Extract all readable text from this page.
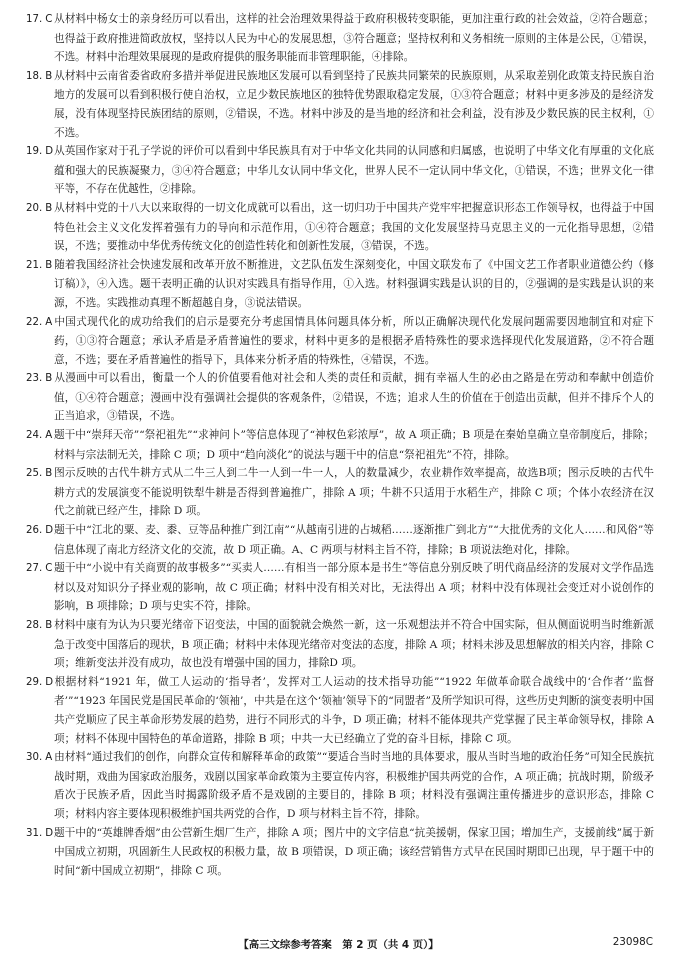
17. C 从材料中杨女士的亲身经历可以看出，这样的社会治理效果得益于政府积极转变职能，更加注重行政的社会效益，②符合题意；也得益于政府推进简政放权，坚持以人民为中心的发展思想，③符合题意；坚持权利和义务相统一原则的主体是公民，①错误，不选。材料中治理效果展现的是政府提供的服务职能而非管理职能，④排除。

18. B 从材料中云南省委省政府多措并举促进民族地区发展可以看到坚持了民族共同繁荣的民族原则，从采取差别化政策支持民族自治地方的发展可以看到积极行使自治权，立足少数民族地区的独特优势跟取稳定发展，①③符合题意；材料中更多涉及的是经济发展，没有体现坚持民族团结的原则，②错误，不选。材料中涉及的是当地的经济和社会利益，没有涉及少数民族的民主权利，①不选。

19. D从英国作家对于孔子学说的评价可以看到中华民族具有对于中华文化共同的认同感和归属感，也说明了中华文化有厚重的文化底蕴和强大的民族凝聚力，③④符合题意；中华儿女认同中华文化，世界人民不一定认同中华文化，①错误，不选；世界文化一律平等，不存在优越性，②排除。

20. B 从材料中党的十八大以来取得的一切文化成就可以看出，这一切归功于中国共产党牢牢把握意识形态工作领导权，也得益于中国特色社会主义文化发挥着强有力的导向和示范作用，①④符合题意；我国的文化发展坚持马克思主义的一元化指导思想，②错误，不选；要推动中华优秀传统文化的创造性转化和创新性发展，③错误，不选。

21. B 随着我国经济社会快速发展和改革开放不断推进，文艺队伍发生深刻变化，中国文联发布了《中国文艺工作者职业道德公约（修订稿）》，④入选。题干表明正确的认识对实践具有指导作用，①入选。材料强调实践是认识的目的，②强调的是实践是认识的来源，不选。实践推动真理不断超越自身，③说法错误。

22. A 中国式现代化的成功给我们的启示是要充分考虑国情具体问题具体分析，所以正确解决现代化发展问题需要因地制宜和对症下药，①③符合题意；承认矛盾是矛盾普遍性的要求，材料中更多的是根据矛盾特殊性的要求选择现代化发展道路，②不符合题意，不选；要在矛盾普遍性的指导下，具体来分析矛盾的特殊性，④错误，不选。

23. B 从漫画中可以看出，衡量一个人的价值要看他对社会和人类的责任和贡献，拥有幸福人生的必由之路是在劳动和奉献中创造价值，①④符合题意；漫画中没有强调社会提供的客观条件，②错误，不选；追求人生的价值在于创造出贡献，但并不排斥个人的正当追求，③错误，不选。

24. A 题干中“崇拜天帝”“祭祀祖先”“求神问卜”等信息体现了“神权色彩浓厚”，故 A 项正确；B 项是在秦始皇确立皇帝制度后，排除；材料与宗法制无关，排除 C 项；D 项中“趋向淡化”的说法与题干中的信息“祭祀祖先”不符，排除。

25. B 图示反映的古代牛耕方式从二牛三人到二牛一人到一牛一人，人的数量减少，农业耕作效率提高，故选B项；图示反映的古代牛耕方式的发展演变不能说明铁犁牛耕是否得到普遍推广，排除 A 项；牛耕不只适用于水稻生产，排除 C 项；个体小农经济在汉代之前就已经产生，排除 D 项。

26. D题干中“江北的粟、麦、黍、豆等品种推广到江南”“从越南引进的占城稻……逐渐推广到北方”“大批优秀的文化人……和风俗”等信息体现了南北方经济文化的交流，故 D 项正确。A、C 两项与材料主旨不符，排除；B 项说法绝对化，排除。

27. C 题干中“小说中有关商贾的故事极多”“买卖人……有相当一部分原本是书生”等信息分别反映了明代商品经济的发展对文学作品选材以及对知识分子择业观的影响，故 C 项正确；材料中没有相关对比，无法得出 A 项；材料中没有体现社会变迁对小说创作的影响，B 项排除；D 项与史实不符，排除。

28. B 材料中康有为认为只要光绪帝下诏变法，中国的面貌就会焕然一新，这一乐观想法并不符合中国实际，但从侧面说明当时维新派急于改变中国落后的现状，B 项正确；材料中未体现光绪帝对变法的态度，排除 A 项；材料未涉及思想解放的相关内容，排除 C 项；维新变法并没有成功，故也没有增强中国的国力，排除D 项。

29. D根据材料“1921 年，做工人运动的‘指导者’，发挥对工人运动的技术指导功能”“1922 年做革命联合战线中的‘合作者’‘监督者’”“1923 年国民党是国民革命的‘领袖’，中共是在这个‘领袖’领导下的“同盟者”及所学知识可得，这些历史判断的演变表明中国共产党顺应了民主革命形势发展的趋势，进行不同形式的斗争，D 项正确；材料不能体现共产党掌握了民主革命领导权，排除 A 项；材料不体现中国特色的革命道路，排除 B 项；中共一大已经确立了党的奋斗目标，排除 C 项。

30. A 由材料“通过我们的创作，向群众宣传和解释革命的政策”“要适合当时当地的具体要求，服从当时当地的政治任务”可知全民族抗战时期，戏曲为国家政治服务，戏剧以国家革命政策为主要宣传内容，积极维护国共两党的合作，A 项正确；抗战时期，阶级矛盾次于民族矛盾，因此当时揭露阶级矛盾不是戏剧的主要目的，排除 B 项；材料没有强调注重传播进步的意识形态，排除 C 项；材料内容主要体现积极维护国共两党的合作，D 项与材料主旨不符，排除。

31. D题干中的“英雄牌香烟”由公营新生烟厂生产，排除 A 项；图片中的文字信息“抗美援朝，保家卫国；增加生产，支援前线”属于新中国成立初期，巩固新生人民政权的积极力量，故 B 项错误，D 项正确；该经营销售方式早在民国时期即已出现，早于题干中的时间“新中国成立初期”，排除 C 项。

【高三文综参考答案　第 2 页（共 4 页）】	23098C
